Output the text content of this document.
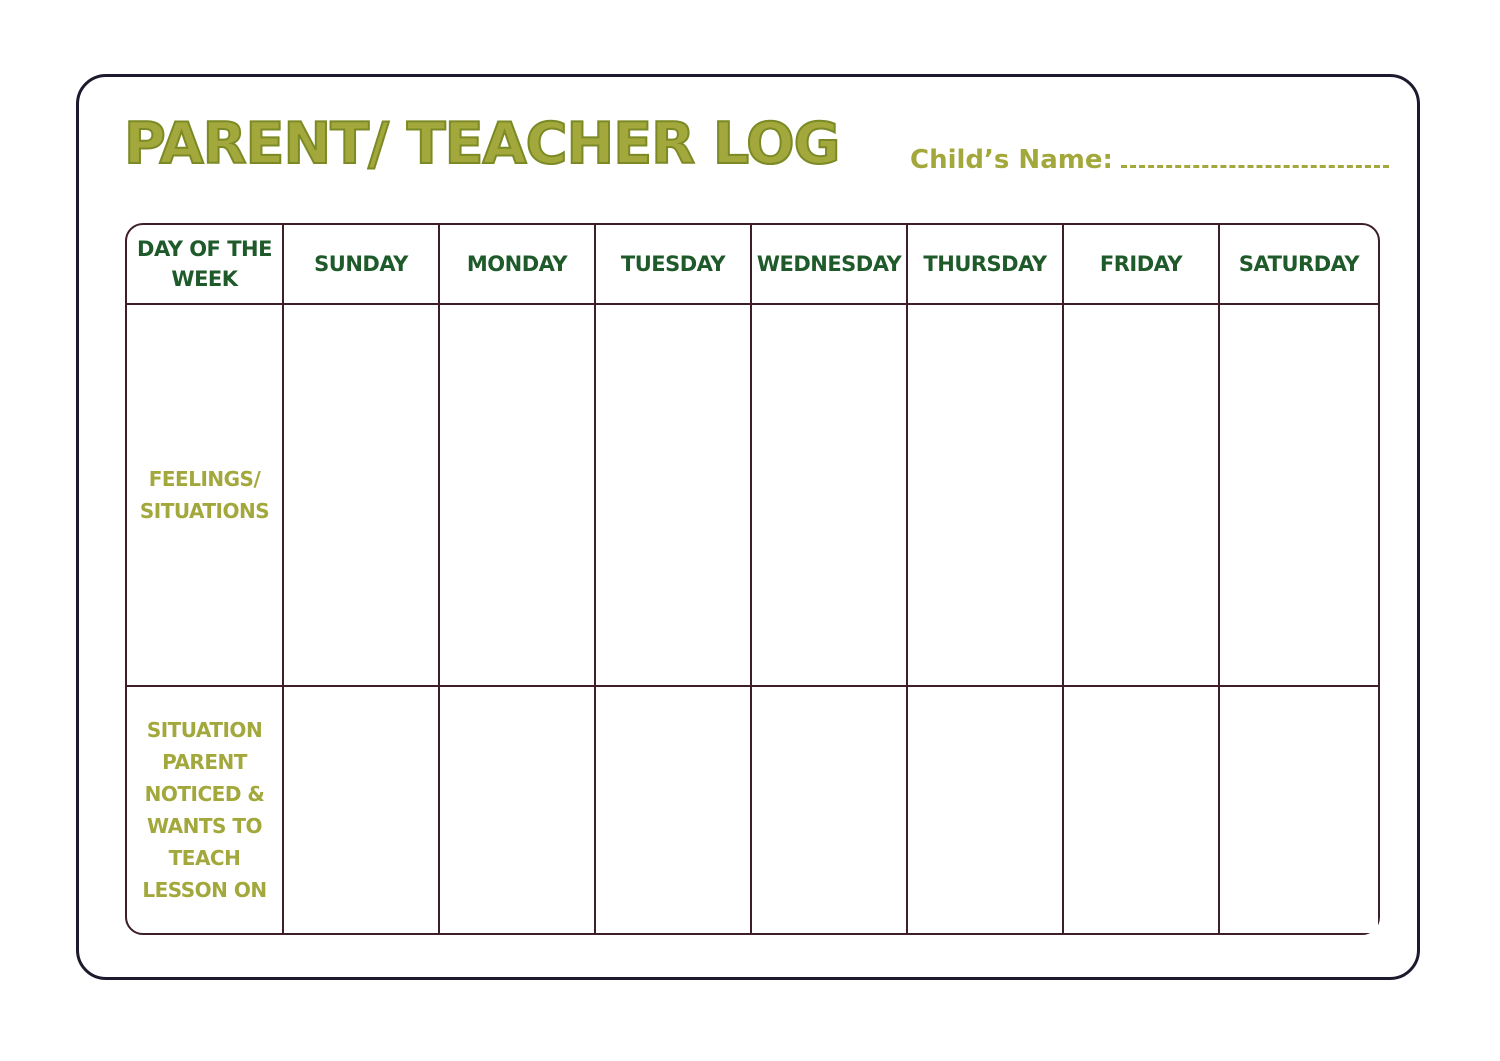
PARENT/ TEACHER LOG	Child’s Name:
DAY OF THE WEEK	SUNDAY	MONDAY	TUESDAY	WEDNESDAY	THURSDAY	FRIDAY	SATURDAY
FEELINGS/ SITUATIONS							
SITUATION PARENT NOTICED & WANTS TO TEACH LESSON ON							
